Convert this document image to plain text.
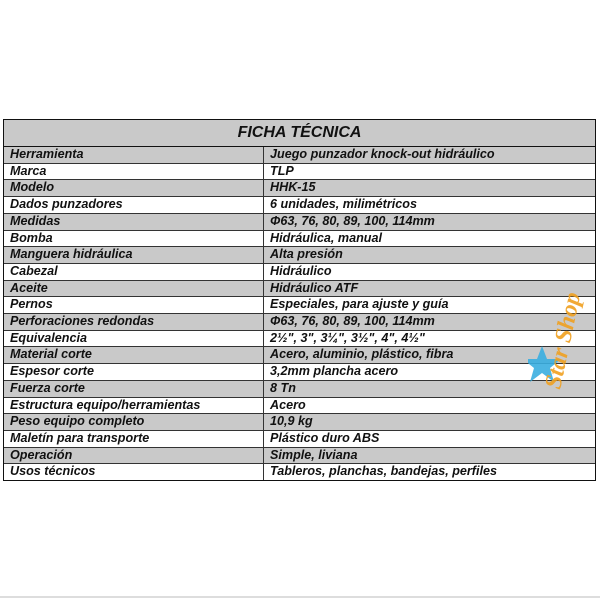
FICHA TÉCNICA
Herramienta	Juego punzador knock-out hidráulico
Marca	TLP
Modelo	HHK-15
Dados punzadores	6 unidades, milimétricos
Medidas	Φ63, 76, 80, 89, 100, 114mm
Bomba	Hidráulica, manual
Manguera hidráulica	Alta presión
Cabezal	Hidráulico
Aceite	Hidráulico ATF
Pernos	Especiales, para ajuste y guía
Perforaciones redondas	Φ63, 76, 80, 89, 100, 114mm
Equivalencia	2½", 3", 3¼", 3½", 4", 4½"
Material corte	Acero, aluminio, plástico, fibra
Espesor corte	3,2mm plancha acero
Fuerza corte	8 Tn
Estructura equipo/herramientas	Acero
Peso equipo completo	10,9 kg
Maletín para transporte	Plástico duro ABS
Operación	Simple, liviana
Usos técnicos	Tableros, planchas, bandejas, perfiles
Star Shop
